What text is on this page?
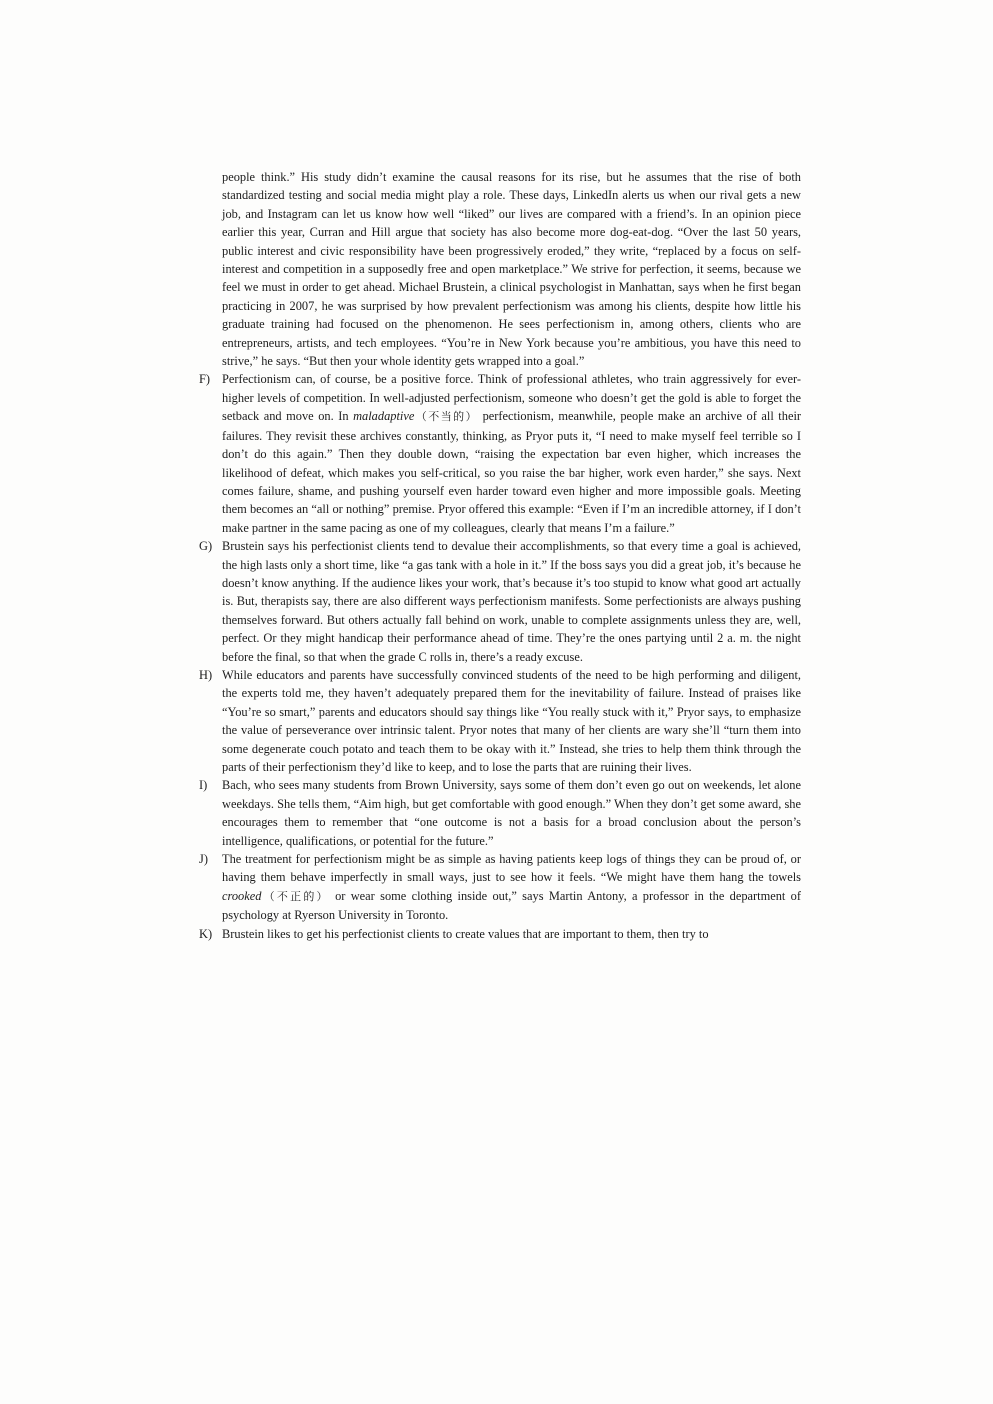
people think.” His study didn’t examine the causal reasons for its rise, but he assumes that the rise of both standardized testing and social media might play a role. These days, LinkedIn alerts us when our rival gets a new job, and Instagram can let us know how well “liked” our lives are compared with a friend’s. In an opinion piece earlier this year, Curran and Hill argue that society has also become more dog-eat-dog. “Over the last 50 years, public interest and civic responsibility have been progressively eroded,” they write, “replaced by a focus on self-interest and competition in a supposedly free and open marketplace.” We strive for perfection, it seems, because we feel we must in order to get ahead. Michael Brustein, a clinical psychologist in Manhattan, says when he first began practicing in 2007, he was surprised by how prevalent perfectionism was among his clients, despite how little his graduate training had focused on the phenomenon. He sees perfectionism in, among others, clients who are entrepreneurs, artists, and tech employees. “You’re in New York because you’re ambitious, you have this need to strive,” he says. “But then your whole identity gets wrapped into a goal.”

F) Perfectionism can, of course, be a positive force. Think of professional athletes, who train aggressively for ever-higher levels of competition. In well-adjusted perfectionism, someone who doesn’t get the gold is able to forget the setback and move on. In maladaptive（不当的） perfectionism, meanwhile, people make an archive of all their failures. They revisit these archives constantly, thinking, as Pryor puts it, “I need to make myself feel terrible so I don’t do this again.” Then they double down, “raising the expectation bar even higher, which increases the likelihood of defeat, which makes you self-critical, so you raise the bar higher, work even harder,” she says. Next comes failure, shame, and pushing yourself even harder toward even higher and more impossible goals. Meeting them becomes an “all or nothing” premise. Pryor offered this example: “Even if I’m an incredible attorney, if I don’t make partner in the same pacing as one of my colleagues, clearly that means I’m a failure.”

G) Brustein says his perfectionist clients tend to devalue their accomplishments, so that every time a goal is achieved, the high lasts only a short time, like “a gas tank with a hole in it.” If the boss says you did a great job, it’s because he doesn’t know anything. If the audience likes your work, that’s because it’s too stupid to know what good art actually is. But, therapists say, there are also different ways perfectionism manifests. Some perfectionists are always pushing themselves forward. But others actually fall behind on work, unable to complete assignments unless they are, well, perfect. Or they might handicap their performance ahead of time. They’re the ones partying until 2 a. m. the night before the final, so that when the grade C rolls in, there’s a ready excuse.

H) While educators and parents have successfully convinced students of the need to be high performing and diligent, the experts told me, they haven’t adequately prepared them for the inevitability of failure. Instead of praises like “You’re so smart,” parents and educators should say things like “You really stuck with it,” Pryor says, to emphasize the value of perseverance over intrinsic talent. Pryor notes that many of her clients are wary she’ll “turn them into some degenerate couch potato and teach them to be okay with it.” Instead, she tries to help them think through the parts of their perfectionism they’d like to keep, and to lose the parts that are ruining their lives.

I)	Bach, who sees many students from Brown University, says some of them don’t even go out on weekends, let alone weekdays. She tells them, “Aim high, but get comfortable with good enough.” When they don’t get some award, she encourages them to remember that “one outcome is not a basis for a broad conclusion about the person’s intelligence, qualifications, or potential for the future.”

J)	The treatment for perfectionism might be as simple as having patients keep logs of things they can be proud of, or having them behave imperfectly in small ways, just to see how it feels. “We might have them hang the towels crooked（不正的） or wear some clothing inside out,” says Martin Antony, a professor in the department of psychology at Ryerson University in Toronto.

K) Brustein likes to get his perfectionist clients to create values that are important to them, then try to
